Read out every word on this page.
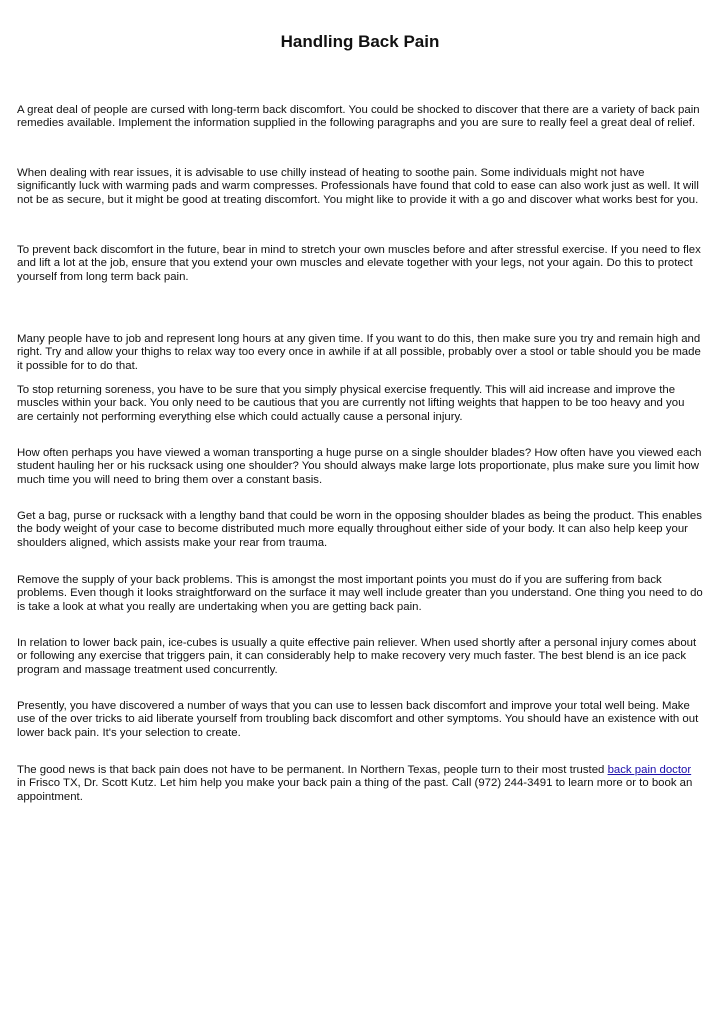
Handling Back Pain

A great deal of people are cursed with long-term back discomfort. You could be shocked to discover that there are a variety of back pain remedies available. Implement the information supplied in the following paragraphs and you are sure to really feel a great deal of relief.

When dealing with rear issues, it is advisable to use chilly instead of heating to soothe pain. Some individuals might not have significantly luck with warming pads and warm compresses. Professionals have found that cold to ease can also work just as well. It will not be as secure, but it might be good at treating discomfort. You might like to provide it with a go and discover what works best for you.

To prevent back discomfort in the future, bear in mind to stretch your own muscles before and after stressful exercise. If you need to flex and lift a lot at the job, ensure that you extend your own muscles and elevate together with your legs, not your again. Do this to protect yourself from long term back pain.

Many people have to job and represent long hours at any given time. If you want to do this, then make sure you try and remain high and right. Try and allow your thighs to relax way too every once in awhile if at all possible, probably over a stool or table should you be made it possible for to do that.

To stop returning soreness, you have to be sure that you simply physical exercise frequently. This will aid increase and improve the muscles within your back. You only need to be cautious that you are currently not lifting weights that happen to be too heavy and you are certainly not performing everything else which could actually cause a personal injury.

How often perhaps you have viewed a woman transporting a huge purse on a single shoulder blades? How often have you viewed each student hauling her or his rucksack using one shoulder? You should always make large lots proportionate, plus make sure you limit how much time you will need to bring them over a constant basis.

Get a bag, purse or rucksack with a lengthy band that could be worn in the opposing shoulder blades as being the product. This enables the body weight of your case to become distributed much more equally throughout either side of your body. It can also help keep your shoulders aligned, which assists make your rear from trauma.

Remove the supply of your back problems. This is amongst the most important points you must do if you are suffering from back problems. Even though it looks straightforward on the surface it may well include greater than you understand. One thing you need to do is take a look at what you really are undertaking when you are getting back pain.

In relation to lower back pain, ice-cubes is usually a quite effective pain reliever. When used shortly after a personal injury comes about or following any exercise that triggers pain, it can considerably help to make recovery very much faster. The best blend is an ice pack program and massage treatment used concurrently.

Presently, you have discovered a number of ways that you can use to lessen back discomfort and improve your total well being. Make use of the over tricks to aid liberate yourself from troubling back discomfort and other symptoms. You should have an existence with out lower back pain. It's your selection to create.

The good news is that back pain does not have to be permanent. In Northern Texas, people turn to their most trusted back pain doctor in Frisco TX, Dr. Scott Kutz. Let him help you make your back pain a thing of the past. Call (972) 244-3491 to learn more or to book an appointment.
